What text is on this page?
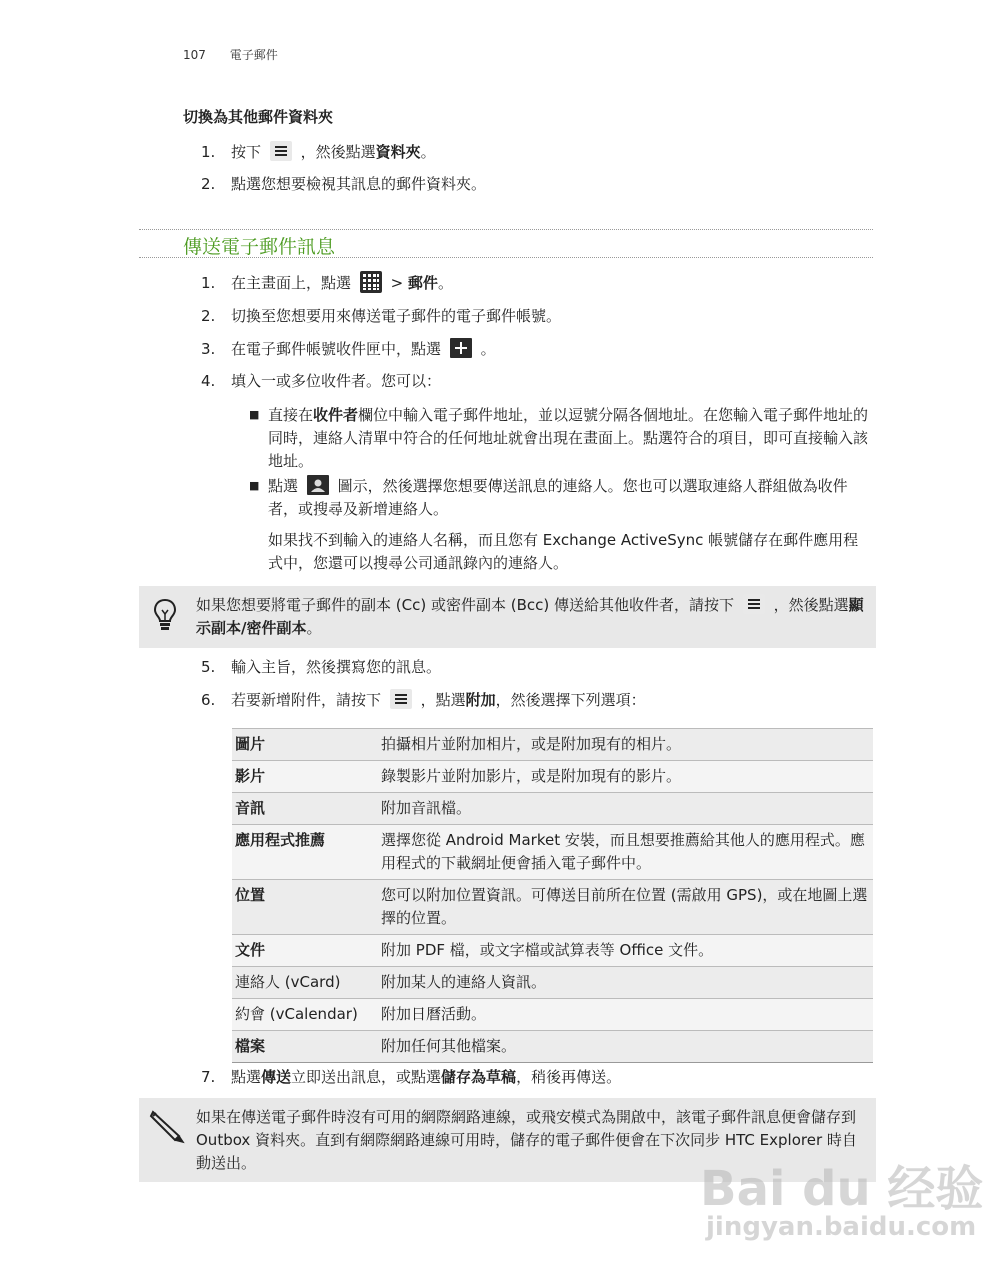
107 電子郵件
切換為其他郵件資料夾
1.	按下	，然後點選資料夾。
2.	點選您想要檢視其訊息的郵件資料夾。
傳送電子郵件訊息
1.	在主畫面上，點選	> 郵件。
2.	切換至您想要用來傳送電子郵件的電子郵件帳號。
3.	在電子郵件帳號收件匣中，點選	。
4.	填入一或多位收件者。您可以：
■ 直接在收件者欄位中輸入電子郵件地址，並以逗號分隔各個地址。在您輸入電子郵件地址的同時，連絡人清單中符合的任何地址就會出現在畫面上。點選符合的項目，即可直接輸入該地址。
■ 點選	圖示，然後選擇您想要傳送訊息的連絡人。您也可以選取連絡人群組做為收件者，或搜尋及新增連絡人。
如果找不到輸入的連絡人名稱，而且您有 Exchange ActiveSync 帳號儲存在郵件應用程式中，您還可以搜尋公司通訊錄內的連絡人。
如果您想要將電子郵件的副本 (Cc) 或密件副本 (Bcc) 傳送給其他收件者，請按下	，然後點選顯示副本/密件副本。
5.	輸入主旨，然後撰寫您的訊息。
6.	若要新增附件，請按下	，點選附加，然後選擇下列選項：
圖片	拍攝相片並附加相片，或是附加現有的相片。
影片	錄製影片並附加影片，或是附加現有的影片。
音訊	附加音訊檔。
應用程式推薦	選擇您從 Android Market 安裝，而且想要推薦給其他人的應用程式。應用程式的下載網址便會插入電子郵件中。
位置	您可以附加位置資訊。可傳送目前所在位置 (需啟用 GPS)，或在地圖上選擇的位置。
文件	附加 PDF 檔，或文字檔或試算表等 Office 文件。
連絡人 (vCard)	附加某人的連絡人資訊。
約會 (vCalendar)	附加日曆活動。
檔案	附加任何其他檔案。
7.	點選傳送立即送出訊息，或點選儲存為草稿，稍後再傳送。
如果在傳送電子郵件時沒有可用的網際網路連線，或飛安模式為開啟中，該電子郵件訊息便會儲存到 Outbox 資料夾。直到有網際網路連線可用時，儲存的電子郵件便會在下次同步 HTC Explorer 時自動送出。	Bai du 经验
jingyan.baidu.com
